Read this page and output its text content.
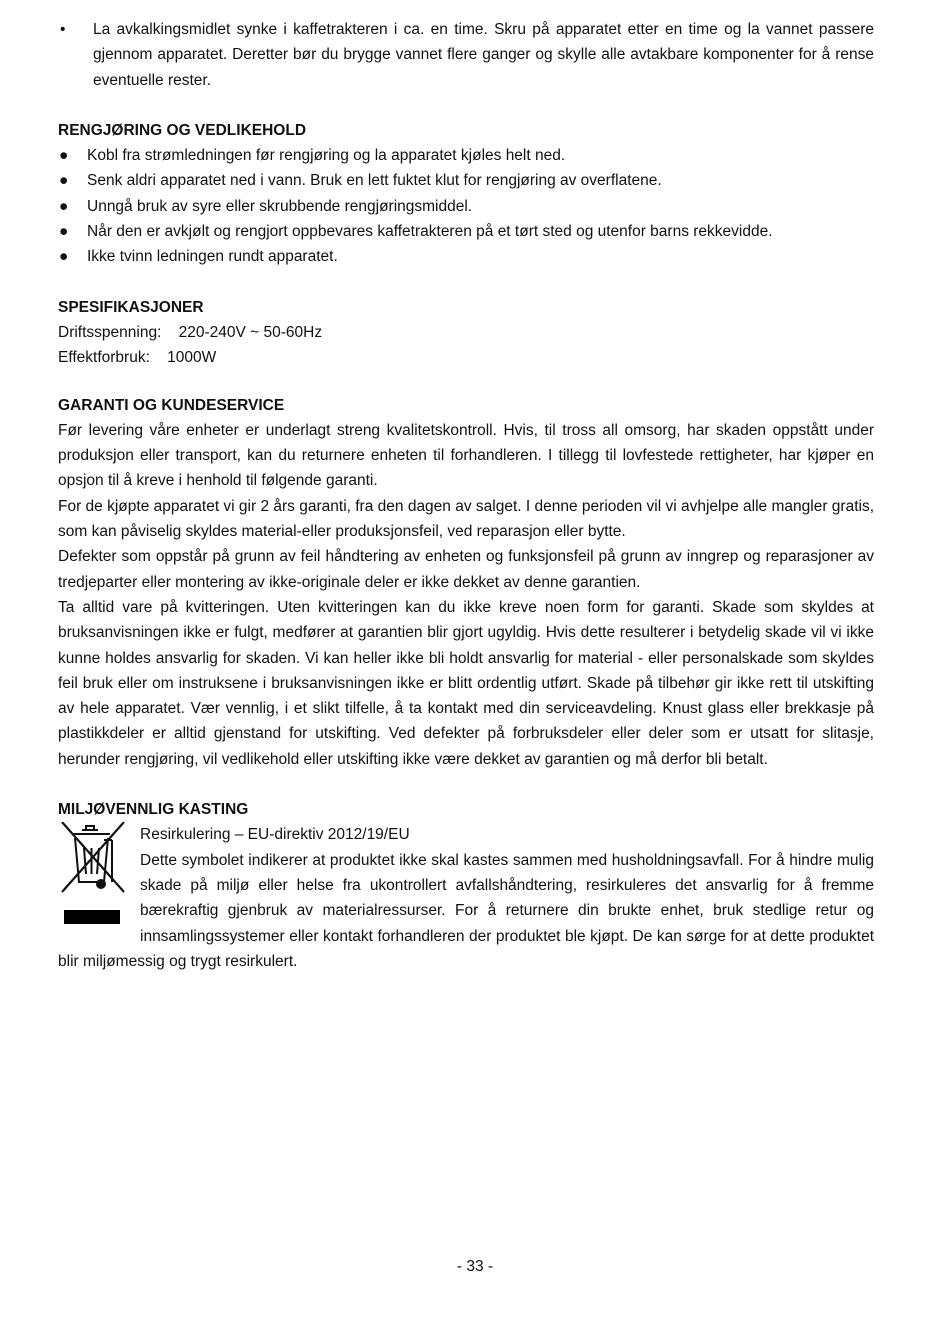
• La avkalkingsmidlet synke i kaffetrakteren i ca. en time. Skru på apparatet etter en time og la vannet passere gjennom apparatet. Deretter bør du brygge vannet flere ganger og skylle alle avtakbare komponenter for å rense eventuelle rester.

RENGJØRING OG VEDLIKEHOLD
● Kobl fra strømledningen før rengjøring og la apparatet kjøles helt ned.
● Senk aldri apparatet ned i vann. Bruk en lett fuktet klut for rengjøring av overflatene.
● Unngå bruk av syre eller skrubbende rengjøringsmiddel.
● Når den er avkjølt og rengjort oppbevares kaffetrakteren på et tørt sted og utenfor barns rekkevidde.
● Ikke tvinn ledningen rundt apparatet.
SPESIFIKASJONER
Driftsspenning: 220-240V ~ 50-60Hz
Effektforbruk: 1000W
GARANTI OG KUNDESERVICE

Før levering våre enheter er underlagt streng kvalitetskontroll. Hvis, til tross all omsorg, har skaden oppstått under produksjon eller transport, kan du returnere enheten til forhandleren. I tillegg til lovfestede rettigheter, har kjøper en opsjon til å kreve i henhold til følgende garanti.

For de kjøpte apparatet vi gir 2 års garanti, fra den dagen av salget. I denne perioden vil vi avhjelpe alle mangler gratis, som kan påviselig skyldes material-eller produksjonsfeil, ved reparasjon eller bytte.

Defekter som oppstår på grunn av feil håndtering av enheten og funksjonsfeil på grunn av inngrep og reparasjoner av tredjeparter eller montering av ikke-originale deler er ikke dekket av denne garantien.

Ta alltid vare på kvitteringen. Uten kvitteringen kan du ikke kreve noen form for garanti. Skade som skyldes at bruksanvisningen ikke er fulgt, medfører at garantien blir gjort ugyldig. Hvis dette resulterer i betydelig skade vil vi ikke kunne holdes ansvarlig for skaden. Vi kan heller ikke bli holdt ansvarlig for material - eller personalskade som skyldes feil bruk eller om instruksene i bruksanvisningen ikke er blitt ordentlig utført. Skade på tilbehør gir ikke rett til utskifting av hele apparatet. Vær vennlig, i et slikt tilfelle, å ta kontakt med din serviceavdeling. Knust glass eller brekkasje på plastikkdeler er alltid gjenstand for utskifting. Ved defekter på forbruksdeler eller deler som er utsatt for slitasje, herunder rengjøring, vil vedlikehold eller utskifting ikke være dekket av garantien og må derfor bli betalt.

MILJØVENNLIG KASTING

Resirkulering – EU-direktiv 2012/19/EU

Dette symbolet indikerer at produktet ikke skal kastes sammen med husholdningsavfall. For å hindre mulig skade på miljø eller helse fra ukontrollert avfallshåndtering, resirkuleres det ansvarlig for å fremme bærekraftig gjenbruk av materialressurser. For å returnere din brukte enhet, bruk stedlige retur og innsamlingssystemer eller kontakt forhandleren der produktet ble kjøpt. De kan sørge for at dette produktet blir miljømessig og trygt resirkulert.

- 33 -
